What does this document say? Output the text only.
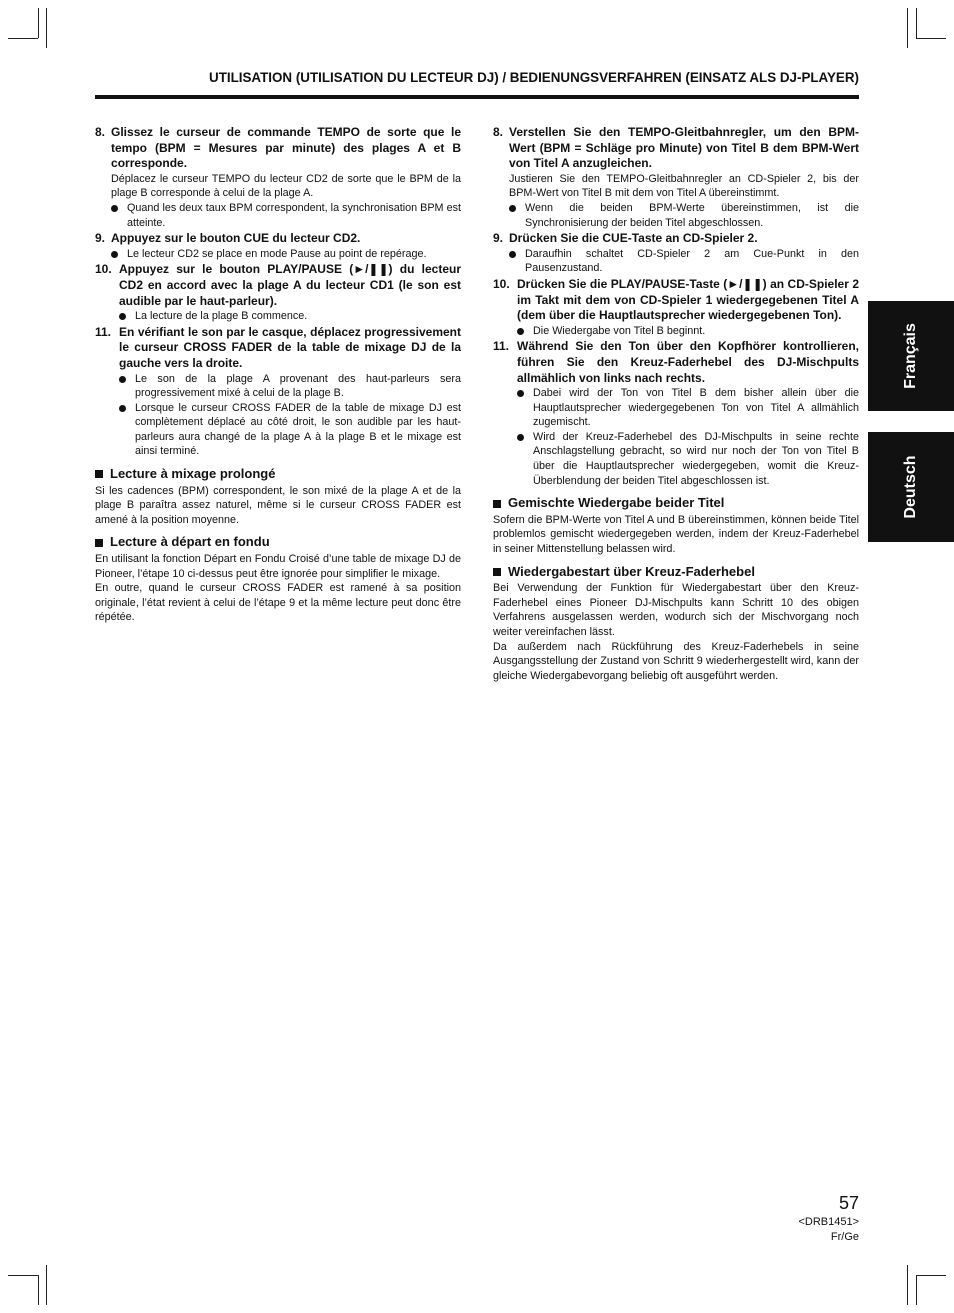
UTILISATION (UTILISATION DU LECTEUR DJ) / BEDIENUNGSVERFAHREN (EINSATZ ALS DJ-PLAYER)
Français
Deutsch
8. Glissez le curseur de commande TEMPO de sorte que le tempo (BPM = Mesures par minute) des plages A et B corresponde.

Déplacez le curseur TEMPO du lecteur CD2 de sorte que le BPM de la plage B corresponde à celui de la plage A.

Quand les deux taux BPM correspondent, la synchronisation BPM est atteinte.
9. Appuyez sur le bouton CUE du lecteur CD2.
Le lecteur CD2 se place en mode Pause au point de repérage.
10. Appuyez sur le bouton PLAY/PAUSE (►/❚❚) du lecteur CD2 en accord avec la plage A du lecteur CD1 (le son est audible par le haut-parleur).
La lecture de la plage B commence.
11. En vérifiant le son par le casque, déplacez progressivement le curseur CROSS FADER de la table de mixage DJ de la gauche vers la droite.
Le son de la plage A provenant des haut-parleurs sera progressivement mixé à celui de la plage B.
Lorsque le curseur CROSS FADER de la table de mixage DJ est complètement déplacé au côté droit, le son audible par les haut-parleurs aura changé de la plage A à la plage B et le mixage est ainsi terminé.
Lecture à mixage prolongé

Si les cadences (BPM) correspondent, le son mixé de la plage A et de la plage B paraîtra assez naturel, même si le curseur CROSS FADER est amené à la position moyenne.

Lecture à départ en fondu

En utilisant la fonction Départ en Fondu Croisé d’une table de mixage DJ de Pioneer, l’étape 10 ci-dessus peut être ignorée pour simplifier le mixage.

En outre, quand le curseur CROSS FADER est ramené à sa position originale, l’état revient à celui de l’étape 9 et la même lecture peut donc être répétée.

8. Verstellen Sie den TEMPO-Gleitbahnregler, um den BPM-Wert (BPM = Schläge pro Minute) von Titel B dem BPM-Wert von Titel A anzugleichen.

Justieren Sie den TEMPO-Gleitbahnregler an CD-Spieler 2, bis der BPM-Wert von Titel B mit dem von Titel A übereinstimmt.

Wenn die beiden BPM-Werte übereinstimmen, ist die Synchronisierung der beiden Titel abgeschlossen.
9. Drücken Sie die CUE-Taste an CD-Spieler 2.
Daraufhin schaltet CD-Spieler 2 am Cue-Punkt in den Pausenzustand.
10. Drücken Sie die PLAY/PAUSE-Taste (►/❚❚) an CD-Spieler 2 im Takt mit dem von CD-Spieler 1 wiedergegebenen Titel A (dem über die Hauptlautsprecher wiedergegebenen Ton).
Die Wiedergabe von Titel B beginnt.
11. Während Sie den Ton über den Kopfhörer kontrollieren, führen Sie den Kreuz-Faderhebel des DJ-Mischpults allmählich von links nach rechts.
Dabei wird der Ton von Titel B dem bisher allein über die Hauptlautsprecher wiedergegebenen Ton von Titel A allmählich zugemischt.
Wird der Kreuz-Faderhebel des DJ-Mischpults in seine rechte Anschlagstellung gebracht, so wird nur noch der Ton von Titel B über die Hauptlautsprecher wiedergegeben, womit die Kreuz-Überblendung der beiden Titel abgeschlossen ist.
Gemischte Wiedergabe beider Titel

Sofern die BPM-Werte von Titel A und B übereinstimmen, können beide Titel problemlos gemischt wiedergegeben werden, indem der Kreuz-Faderhebel in seiner Mittenstellung belassen wird.

Wiedergabestart über Kreuz-Faderhebel

Bei Verwendung der Funktion für Wiedergabestart über den Kreuz-Faderhebel eines Pioneer DJ-Mischpults kann Schritt 10 des obigen Verfahrens ausgelassen werden, wodurch sich der Mischvorgang noch weiter vereinfachen lässt.

Da außerdem nach Rückführung des Kreuz-Faderhebels in seine Ausgangsstellung der Zustand von Schritt 9 wiederhergestellt wird, kann der gleiche Wiedergabevorgang beliebig oft ausgeführt werden.

57
<DRB1451>
Fr/Ge
